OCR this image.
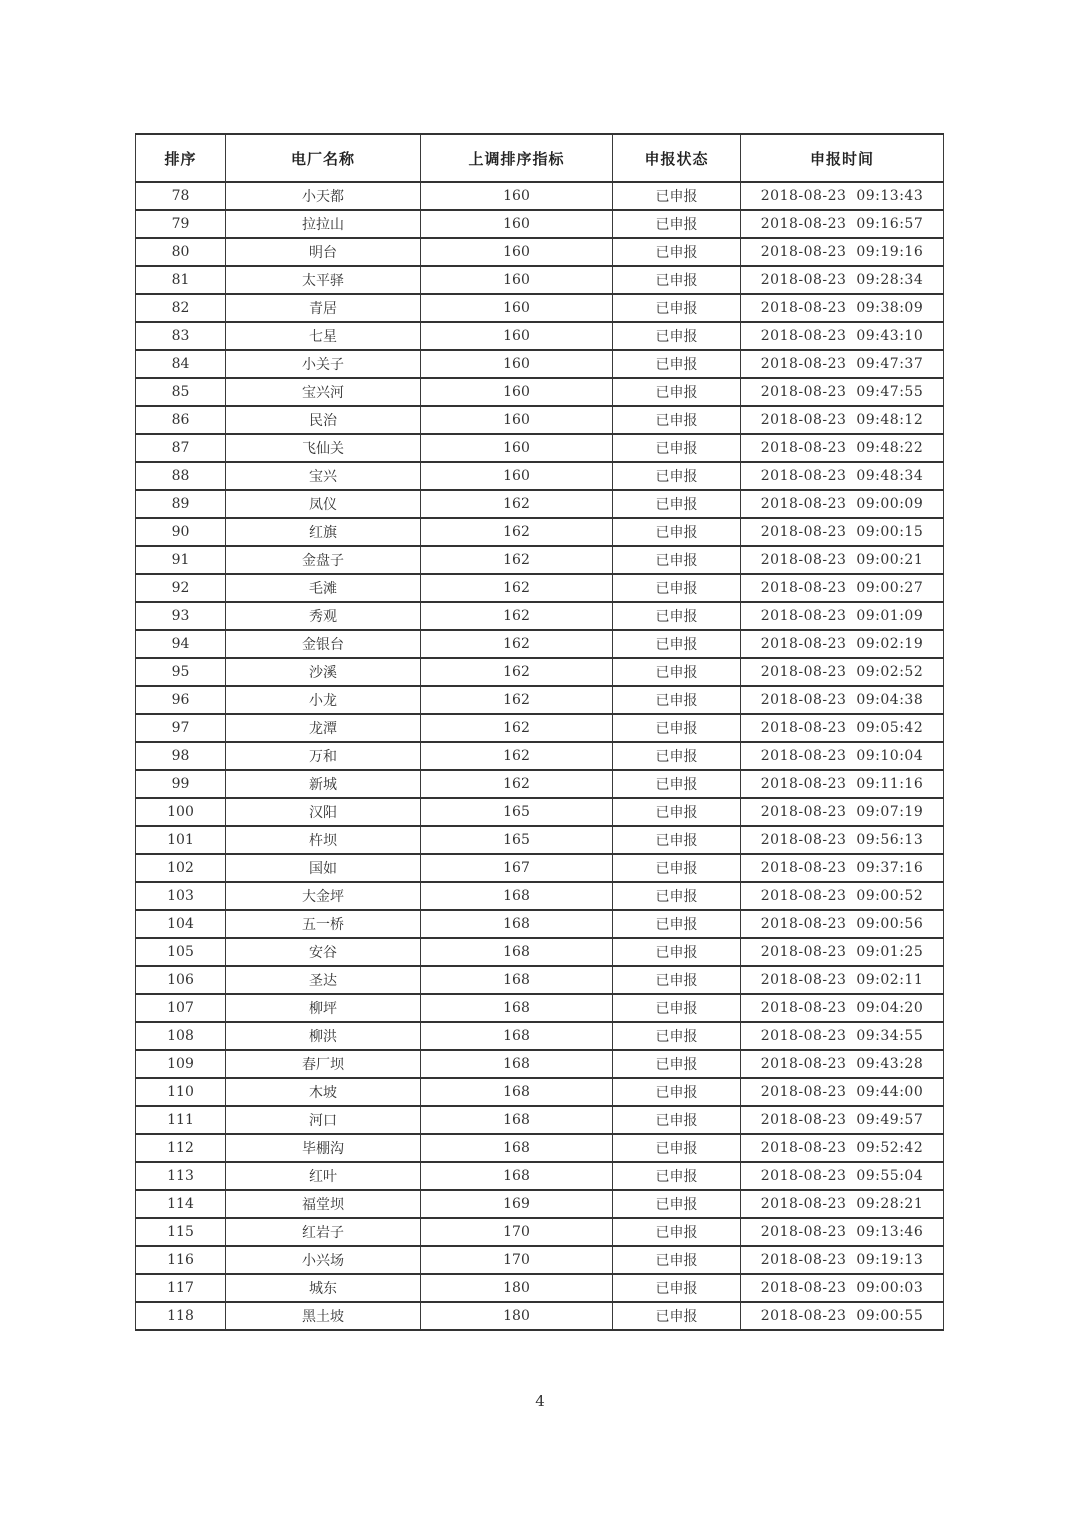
排序	电厂名称	上调排序指标	申报状态	申报时间
78	小天都	160	已申报	2018-08-23  09:13:43
79	拉拉山	160	已申报	2018-08-23  09:16:57
80	明台	160	已申报	2018-08-23  09:19:16
81	太平驿	160	已申报	2018-08-23  09:28:34
82	青居	160	已申报	2018-08-23  09:38:09
83	七星	160	已申报	2018-08-23  09:43:10
84	小关子	160	已申报	2018-08-23  09:47:37
85	宝兴河	160	已申报	2018-08-23  09:47:55
86	民治	160	已申报	2018-08-23  09:48:12
87	飞仙关	160	已申报	2018-08-23  09:48:22
88	宝兴	160	已申报	2018-08-23  09:48:34
89	凤仪	162	已申报	2018-08-23  09:00:09
90	红旗	162	已申报	2018-08-23  09:00:15
91	金盘子	162	已申报	2018-08-23  09:00:21
92	毛滩	162	已申报	2018-08-23  09:00:27
93	秀观	162	已申报	2018-08-23  09:01:09
94	金银台	162	已申报	2018-08-23  09:02:19
95	沙溪	162	已申报	2018-08-23  09:02:52
96	小龙	162	已申报	2018-08-23  09:04:38
97	龙潭	162	已申报	2018-08-23  09:05:42
98	万和	162	已申报	2018-08-23  09:10:04
99	新城	162	已申报	2018-08-23  09:11:16
100	汉阳	165	已申报	2018-08-23  09:07:19
101	杵坝	165	已申报	2018-08-23  09:56:13
102	国如	167	已申报	2018-08-23  09:37:16
103	大金坪	168	已申报	2018-08-23  09:00:52
104	五一桥	168	已申报	2018-08-23  09:00:56
105	安谷	168	已申报	2018-08-23  09:01:25
106	圣达	168	已申报	2018-08-23  09:02:11
107	柳坪	168	已申报	2018-08-23  09:04:20
108	柳洪	168	已申报	2018-08-23  09:34:55
109	春厂坝	168	已申报	2018-08-23  09:43:28
110	木坡	168	已申报	2018-08-23  09:44:00
111	河口	168	已申报	2018-08-23  09:49:57
112	毕棚沟	168	已申报	2018-08-23  09:52:42
113	红叶	168	已申报	2018-08-23  09:55:04
114	福堂坝	169	已申报	2018-08-23  09:28:21
115	红岩子	170	已申报	2018-08-23  09:13:46
116	小兴场	170	已申报	2018-08-23  09:19:13
117	城东	180	已申报	2018-08-23  09:00:03
118	黑土坡	180	已申报	2018-08-23  09:00:55
4
